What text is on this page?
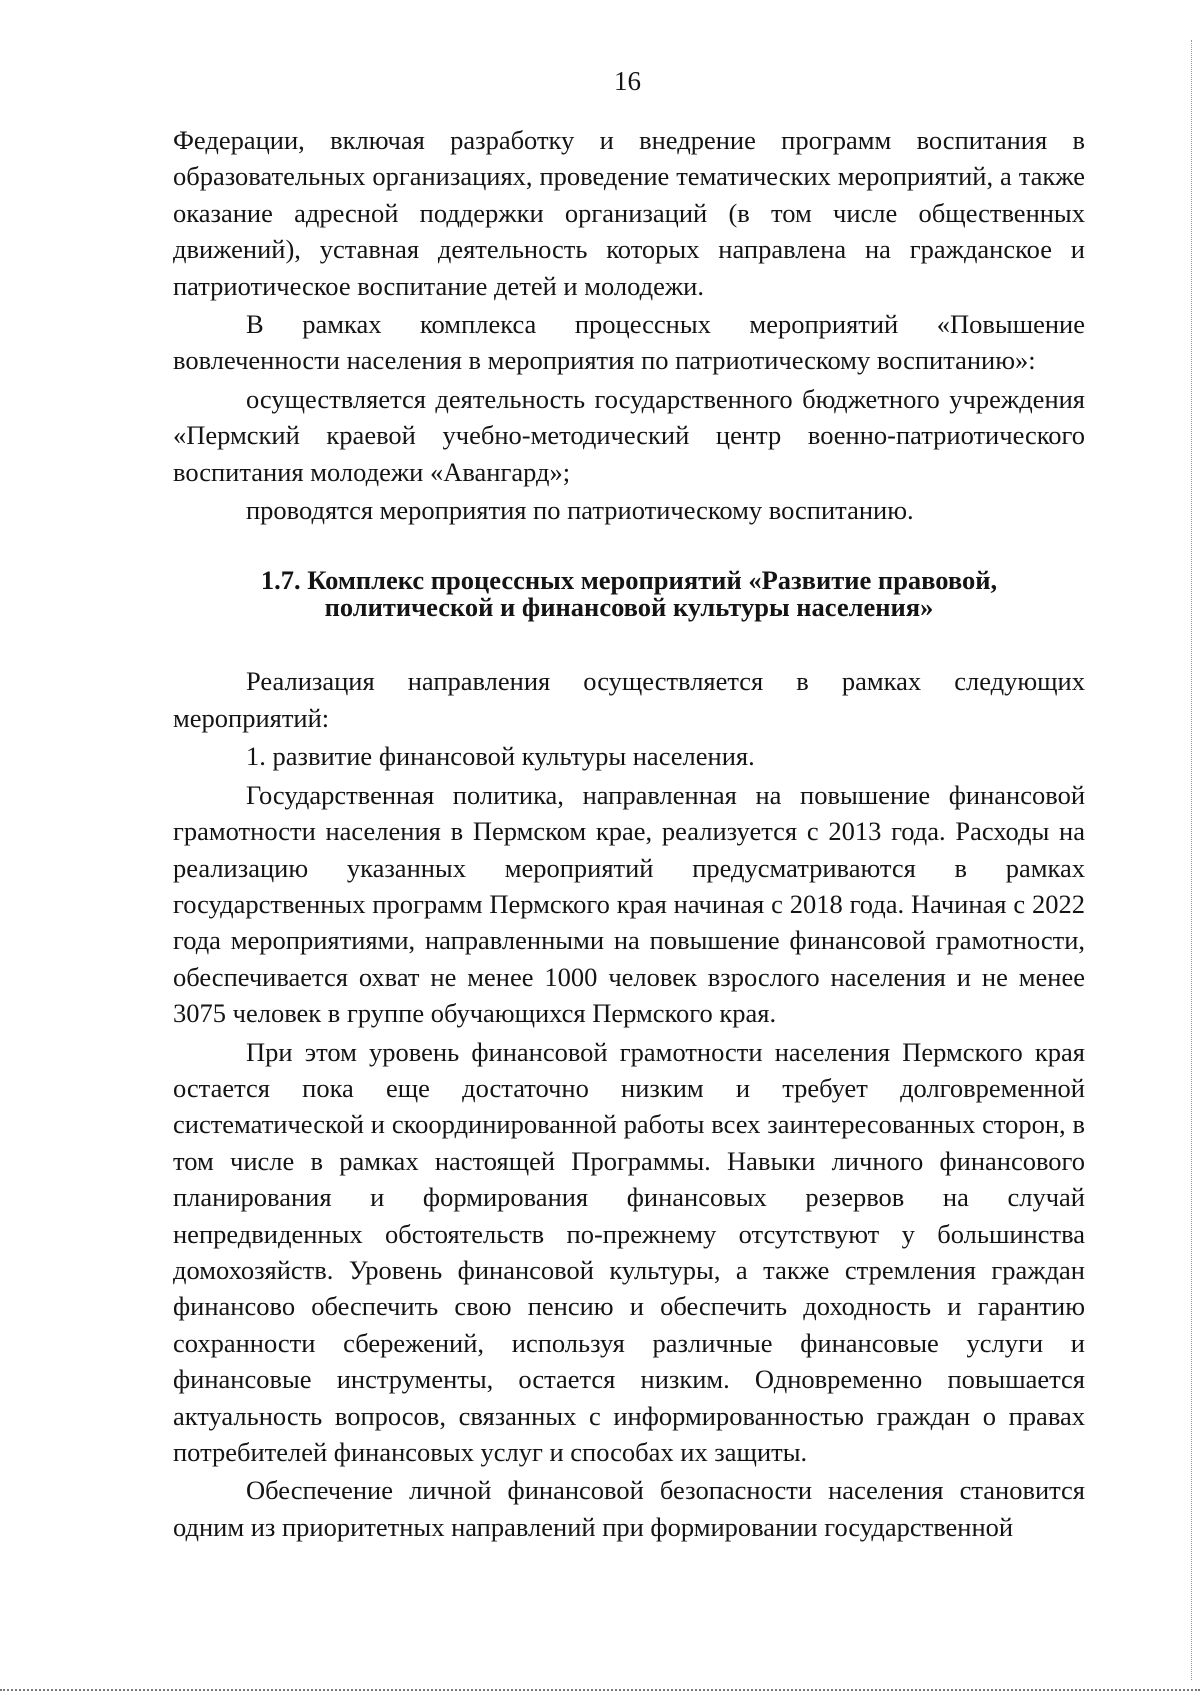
16

Федерации, включая разработку и внедрение программ воспитания в образовательных организациях, проведение тематических мероприятий, а также оказание адресной поддержки организаций (в том числе общественных движений), уставная деятельность которых направлена на гражданское и патриотическое воспитание детей и молодежи.

В рамках комплекса процессных мероприятий «Повышение вовлеченности населения в мероприятия по патриотическому воспитанию»:

осуществляется деятельность государственного бюджетного учреждения «Пермский краевой учебно-методический центр военно-патриотического воспитания молодежи «Авангард»;

проводятся мероприятия по патриотическому воспитанию.

1.7. Комплекс процессных мероприятий «Развитие правовой,
политической и финансовой культуры населения»

Реализация направления осуществляется в рамках следующих мероприятий:

1. развитие финансовой культуры населения.

Государственная политика, направленная на повышение финансовой грамотности населения в Пермском крае, реализуется с 2013 года. Расходы на реализацию указанных мероприятий предусматриваются в рамках государственных программ Пермского края начиная с 2018 года. Начиная с 2022 года мероприятиями, направленными на повышение финансовой грамотности, обеспечивается охват не менее 1000 человек взрослого населения и не менее 3075 человек в группе обучающихся Пермского края.

При этом уровень финансовой грамотности населения Пермского края остается пока еще достаточно низким и требует долговременной систематической и скоординированной работы всех заинтересованных сторон, в том числе в рамках настоящей Программы. Навыки личного финансового планирования и формирования финансовых резервов на случай непредвиденных обстоятельств по-прежнему отсутствуют у большинства домохозяйств. Уровень финансовой культуры, а также стремления граждан финансово обеспечить свою пенсию и обеспечить доходность и гарантию сохранности сбережений, используя различные финансовые услуги и финансовые инструменты, остается низким. Одновременно повышается актуальность вопросов, связанных с информированностью граждан о правах потребителей финансовых услуг и способах их защиты.

Обеспечение личной финансовой безопасности населения становится одним из приоритетных направлений при формировании государственной
